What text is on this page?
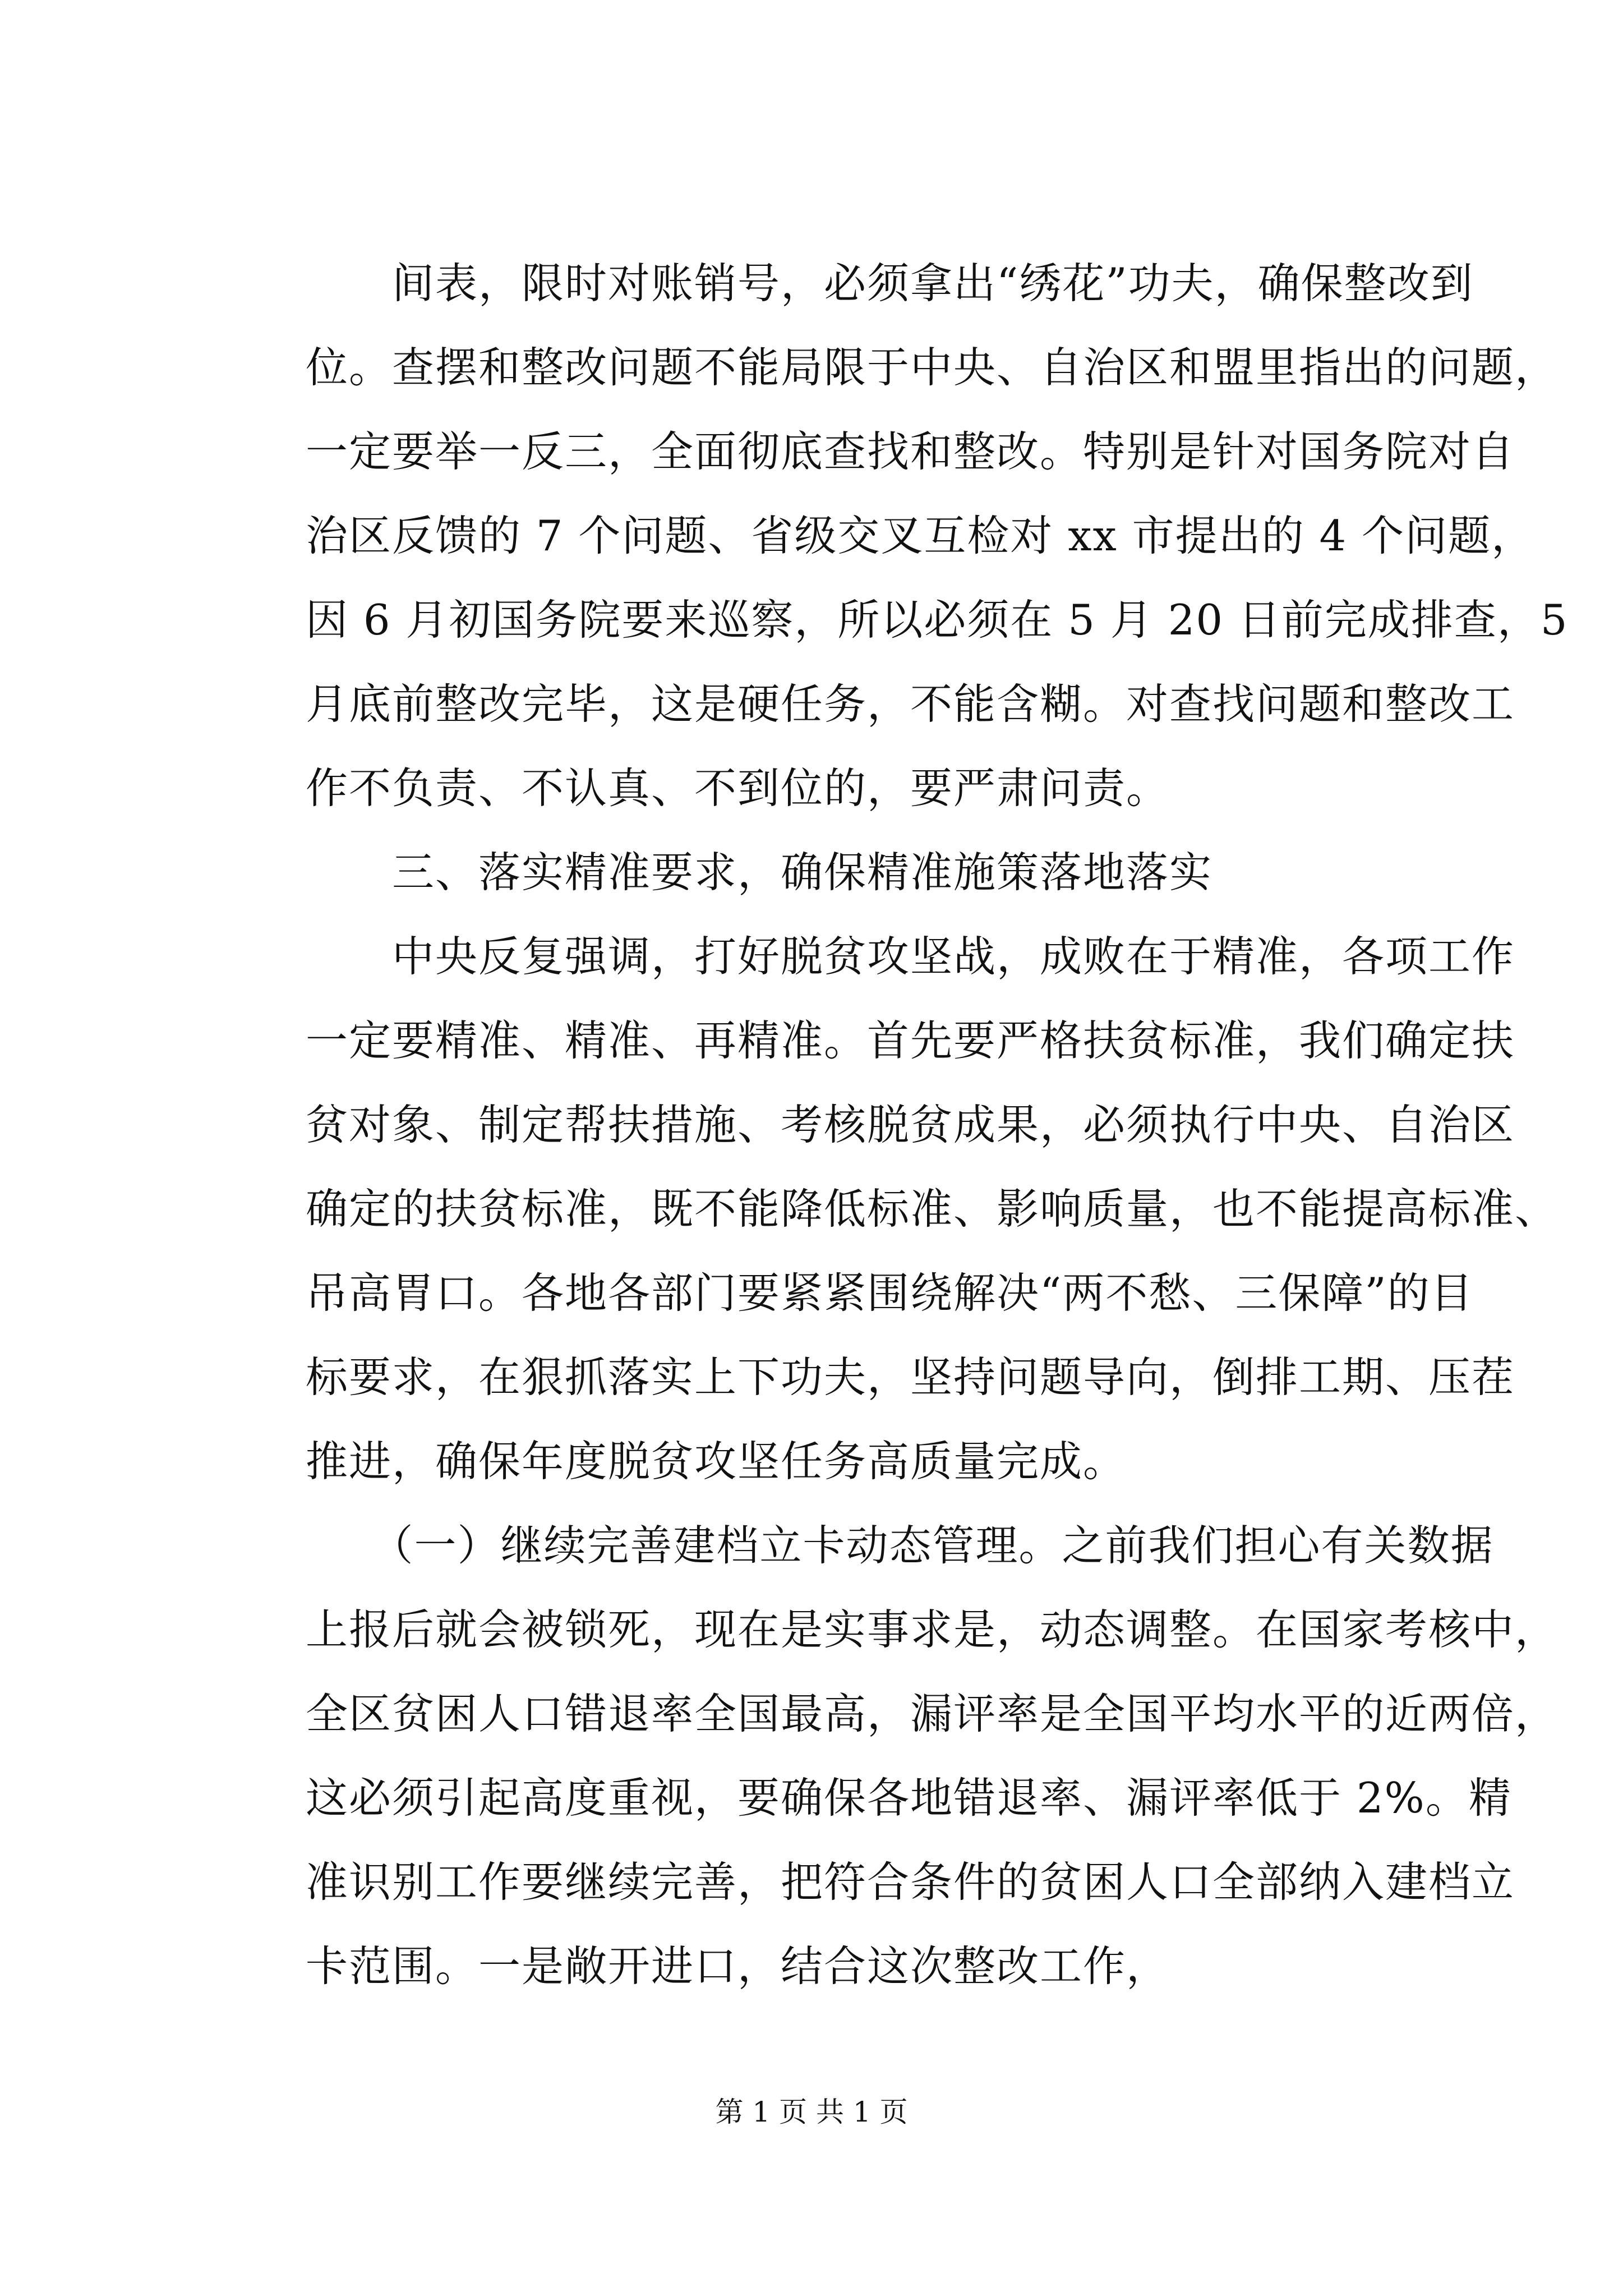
　　间表，限时对账销号，必须拿出“绣花”功夫，确保整改到
位。查摆和整改问题不能局限于中央、自治区和盟里指出的问题，
一定要举一反三，全面彻底查找和整改。特别是针对国务院对自
治区反馈的 7 个问题、省级交叉互检对 xx 市提出的 4 个问题，
因 6 月初国务院要来巡察，所以必须在 5 月 20 日前完成排查，5
月底前整改完毕，这是硬任务，不能含糊。对查找问题和整改工
作不负责、不认真、不到位的，要严肃问责。
　　三、落实精准要求，确保精准施策落地落实
　　中央反复强调，打好脱贫攻坚战，成败在于精准，各项工作
一定要精准、精准、再精准。首先要严格扶贫标准，我们确定扶
贫对象、制定帮扶措施、考核脱贫成果，必须执行中央、自治区
确定的扶贫标准，既不能降低标准、影响质量，也不能提高标准、
吊高胃口。各地各部门要紧紧围绕解决“两不愁、三保障”的目
标要求，在狠抓落实上下功夫，坚持问题导向，倒排工期、压茬
推进，确保年度脱贫攻坚任务高质量完成。
　　（一）继续完善建档立卡动态管理。之前我们担心有关数据
上报后就会被锁死，现在是实事求是，动态调整。在国家考核中，
全区贫困人口错退率全国最高，漏评率是全国平均水平的近两倍，
这必须引起高度重视，要确保各地错退率、漏评率低于 2%。精
准识别工作要继续完善，把符合条件的贫困人口全部纳入建档立
卡范围。一是敞开进口，结合这次整改工作，
第 1 页 共 1 页
